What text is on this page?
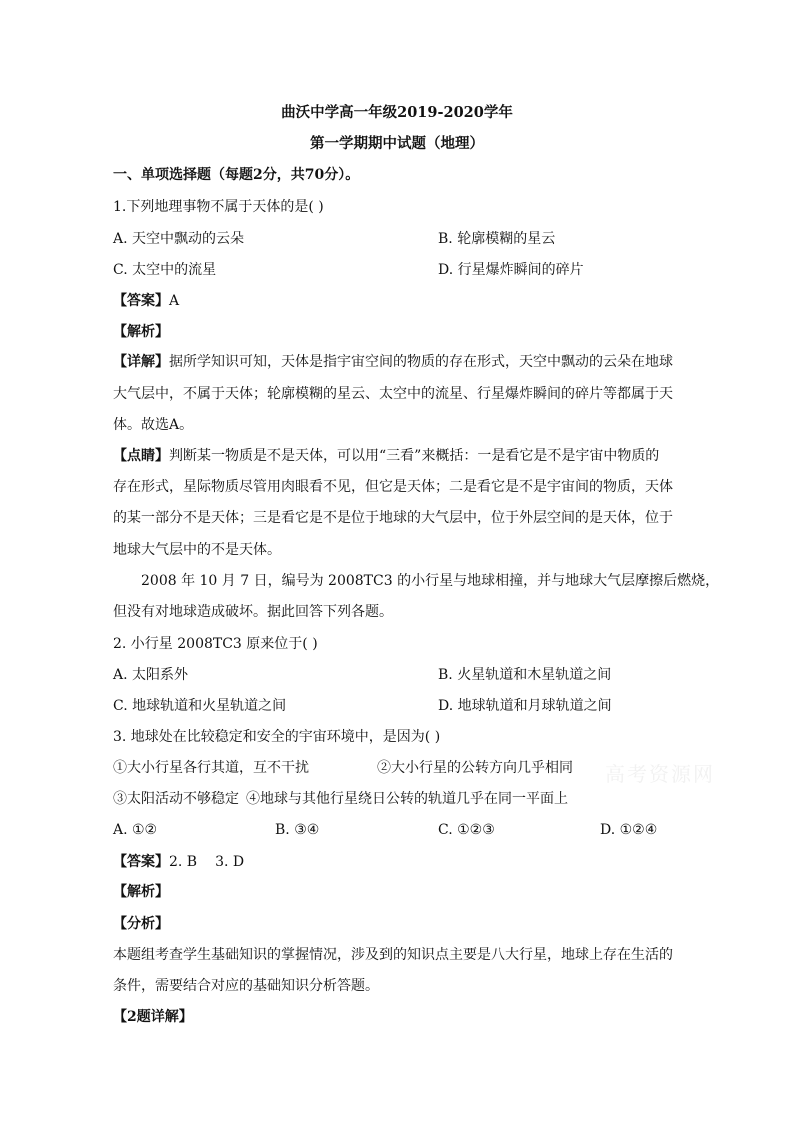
曲沃中学高一年级2019-2020学年
第一学期期中试题（地理）
一、单项选择题（每题2分，共70分）。
1.下列地理事物不属于天体的是( )
A. 天空中飘动的云朵	B. 轮廓模糊的星云
C. 太空中的流星	D. 行星爆炸瞬间的碎片
【答案】A
【解析】
【详解】据所学知识可知，天体是指宇宙空间的物质的存在形式，天空中飘动的云朵在地球
大气层中，不属于天体；轮廓模糊的星云、太空中的流星、行星爆炸瞬间的碎片等都属于天
体。故选A。
【点睛】判断某一物质是不是天体，可以用“三看”来概括：一是看它是不是宇宙中物质的
存在形式，星际物质尽管用肉眼看不见，但它是天体；二是看它是不是宇宙间的物质，天体
的某一部分不是天体；三是看它是不是位于地球的大气层中，位于外层空间的是天体，位于
地球大气层中的不是天体。
2008 年 10 月 7 日，编号为 2008TC3 的小行星与地球相撞，并与地球大气层摩擦后燃烧，
但没有对地球造成破坏。据此回答下列各题。
2. 小行星 2008TC3 原来位于( )
A. 太阳系外	B. 火星轨道和木星轨道之间
C. 地球轨道和火星轨道之间	D. 地球轨道和月球轨道之间
3. 地球处在比较稳定和安全的宇宙环境中，是因为( )
①大小行星各行其道，互不干扰	②大小行星的公转方向几乎相同
③太阳活动不够稳定 ④地球与其他行星绕日公转的轨道几乎在同一平面上
A. ①②	B. ③④	C. ①②③	D. ①②④
【答案】2. B 3. D
【解析】
【分析】
本题组考查学生基础知识的掌握情况，涉及到的知识点主要是八大行星，地球上存在生活的
条件，需要结合对应的基础知识分析答题。
【2题详解】
高考资源网
